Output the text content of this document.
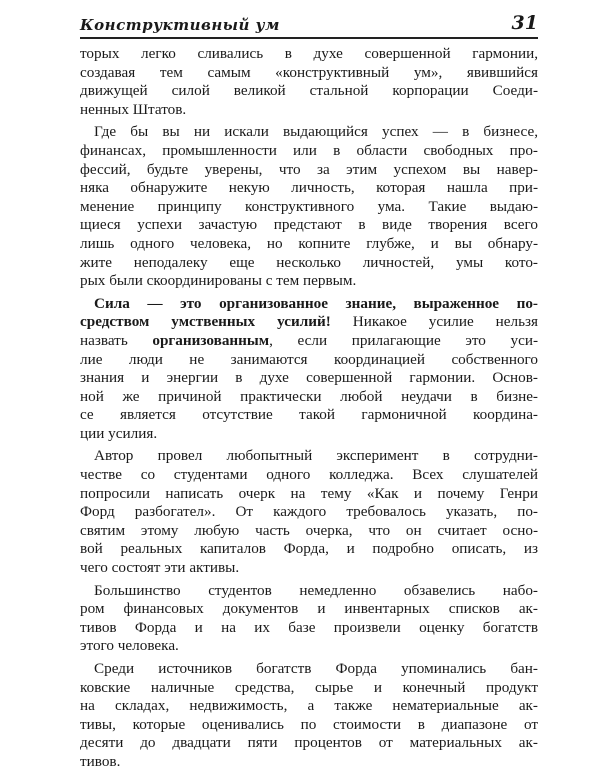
Конструктивный ум	31
торых легко сливались в духе совершенной гармонии,
создавая тем самым «конструктивный ум», явившийся
движущей силой великой стальной корпорации Соеди-
ненных Штатов.
Где бы вы ни искали выдающийся успех — в бизнесе,
финансах, промышленности или в области свободных про-
фессий, будьте уверены, что за этим успехом вы навер-
няка обнаружите некую личность, которая нашла при-
менение принципу конструктивного ума. Такие выдаю-
щиеся успехи зачастую предстают в виде творения всего
лишь одного человека, но копните глубже, и вы обнару-
жите неподалеку еще несколько личностей, умы кото-
рых были скоординированы с тем первым.
Сила — это организованное знание, выраженное по-
средством умственных усилий! Никакое усилие нельзя
назвать организованным, если прилагающие это уси-
лие люди не занимаются координацией собственного
знания и энергии в духе совершенной гармонии. Основ-
ной же причиной практически любой неудачи в бизне-
се является отсутствие такой гармоничной координа-
ции усилия.
Автор провел любопытный эксперимент в сотрудни-
честве со студентами одного колледжа. Всех слушателей
попросили написать очерк на тему «Как и почему Генри
Форд разбогател». От каждого требовалось указать, по-
святим этому любую часть очерка, что он считает осно-
вой реальных капиталов Форда, и подробно описать, из
чего состоят эти активы.
Большинство студентов немедленно обзавелись набо-
ром финансовых документов и инвентарных списков ак-
тивов Форда и на их базе произвели оценку богатств
этого человека.
Среди источников богатств Форда упоминались бан-
ковские наличные средства, сырье и конечный продукт
на складах, недвижимость, а также нематериальные ак-
тивы, которые оценивались по стоимости в диапазоне от
десяти до двадцати пяти процентов от материальных ак-
тивов.
